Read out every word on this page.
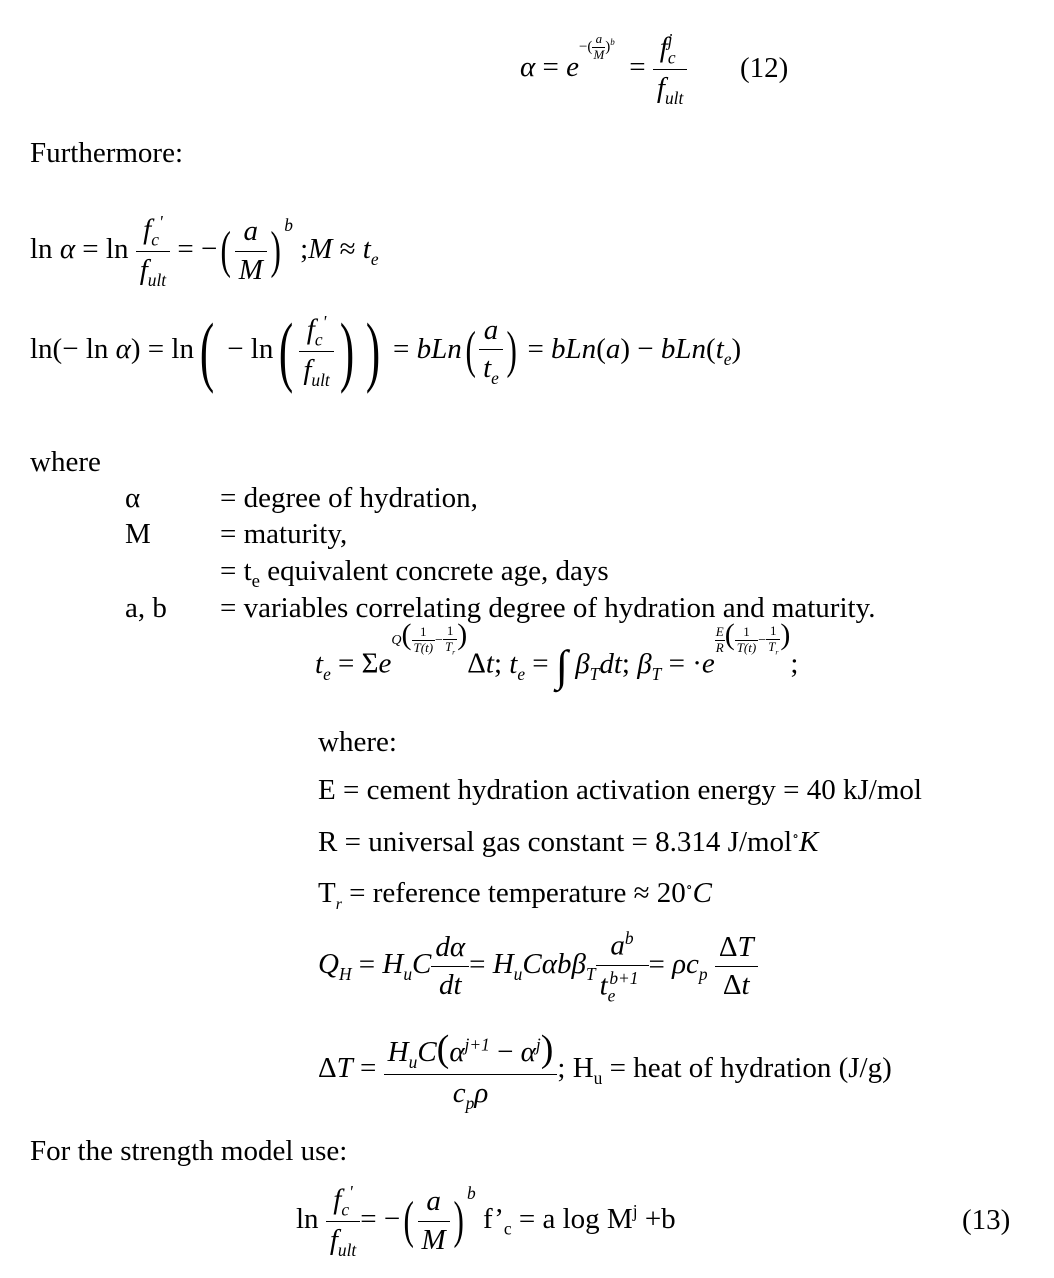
$\alpha = e^{-( \frac{a}{M} )^b} = \frac{f_c^j}{f_{ult}} (12)$
Furthermore:
$\ln \alpha = \ln \frac{f_c'}{f_{ult}}$ = −( $\frac{a}{M}$ ) $^b$ ;M ≈ $t_e$
$\ln(- \ln \alpha) = \ln( - \ln( \frac{f_c'}{f_{ult}}$ ) ) = $bLn( \frac{a}{t_e}$ ) = $bLn(a) - bLn(t_e)$
where
α	= degree of hydration,
M = maturity,
= $t_e$ equivalent concrete age, days
a, b = variables correlating degree of hydration and maturity.
$t_e = \Sigma e^{Q( \frac{1}{T(t)} - \frac{1}{T_r} )}\Delta t$; $t_e$ = ∫ $\beta_Tdt$; $\beta_T = \cdot e$
$^{\frac{E}{R} ( \frac{1}{T(t)} - \frac{1}{T_r} )}$;
where:
E = cement hydration activation energy = 40 kJ/mol
R = universal gas constant = 8.314 J/mol∘K
$T_r$ = reference temperature ≈ 20∘C
$Q_H = H_uC \frac{d\alpha}{dt} = H_uC\alpha b\beta_T \frac{a^b}{t_e^{b+1}} = \rho c_p \frac{\Delta T}{\Delta t}$
$\Delta T = \frac{H_uC(\alpha^{j+1} - \alpha^j)}{c_p\rho}$ ; $H_u$ = heat of hydration (J/g)
For the strength model use:
$\ln \frac{f_c'}{f_{ult}}$ = −( $\frac{a}{M}$ ) $^b$ $f’_c = a$ $\log M^j +b$	(13)
